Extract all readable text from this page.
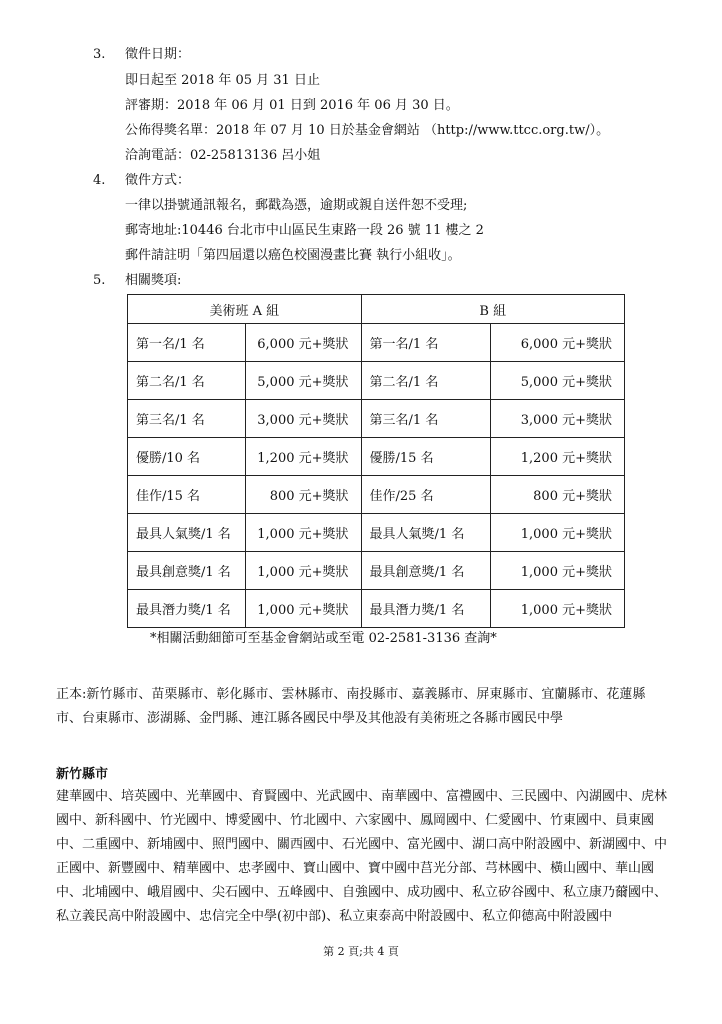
3. 徵件日期：
即日起至 2018 年 05 月 31 日止
評審期：2018 年 06 月 01 日到 2016 年 06 月 30 日。
公佈得獎名單：2018 年 07 月 10 日於基金會網站 （http://www.ttcc.org.tw/）。
洽詢電話：02-25813136 呂小姐
4. 徵件方式：
一律以掛號通訊報名，郵戳為憑，逾期或親自送件恕不受理;
郵寄地址:10446 台北市中山區民生東路一段 26 號 11 樓之 2
郵件請註明「第四屆還以癌色校園漫畫比賽 執行小組收」。
5. 相關獎項:
美術班 A 組		B 組	
第一名/1 名	6,000 元+獎狀	第一名/1 名	6,000 元+獎狀
第二名/1 名	5,000 元+獎狀	第二名/1 名	5,000 元+獎狀
第三名/1 名	3,000 元+獎狀	第三名/1 名	3,000 元+獎狀
優勝/10 名	1,200 元+獎狀	優勝/15 名	1,200 元+獎狀
佳作/15 名	800 元+獎狀	佳作/25 名	800 元+獎狀
最具人氣獎/1 名	1,000 元+獎狀	最具人氣獎/1 名	1,000 元+獎狀
最具創意獎/1 名	1,000 元+獎狀	最具創意獎/1 名	1,000 元+獎狀
最具潛力獎/1 名	1,000 元+獎狀	最具潛力獎/1 名	1,000 元+獎狀
*相關活動細節可至基金會網站或至電 02-2581-3136 查詢*
正本:新竹縣市、苗栗縣市、彰化縣市、雲林縣市、南投縣市、嘉義縣市、屏東縣市、宜蘭縣市、花蓮縣市、台東縣市、澎湖縣、金門縣、連江縣各國民中學及其他設有美術班之各縣市國民中學
新竹縣市
建華國中、培英國中、光華國中、育賢國中、光武國中、南華國中、富禮國中、三民國中、內湖國中、虎林國中、新科國中、竹光國中、博愛國中、竹北國中、六家國中、鳳岡國中、仁愛國中、竹東國中、員東國中、二重國中、新埔國中、照門國中、關西國中、石光國中、富光國中、湖口高中附設國中、新湖國中、中正國中、新豐國中、精華國中、忠孝國中、寶山國中、寶中國中莒光分部、芎林國中、橫山國中、華山國中、北埔國中、峨眉國中、尖石國中、五峰國中、自強國中、成功國中、私立矽谷國中、私立康乃薾國中、私立義民高中附設國中、忠信完全中學(初中部)、私立東泰高中附設國中、私立仰德高中附設國中
第 2 頁;共 4 頁
